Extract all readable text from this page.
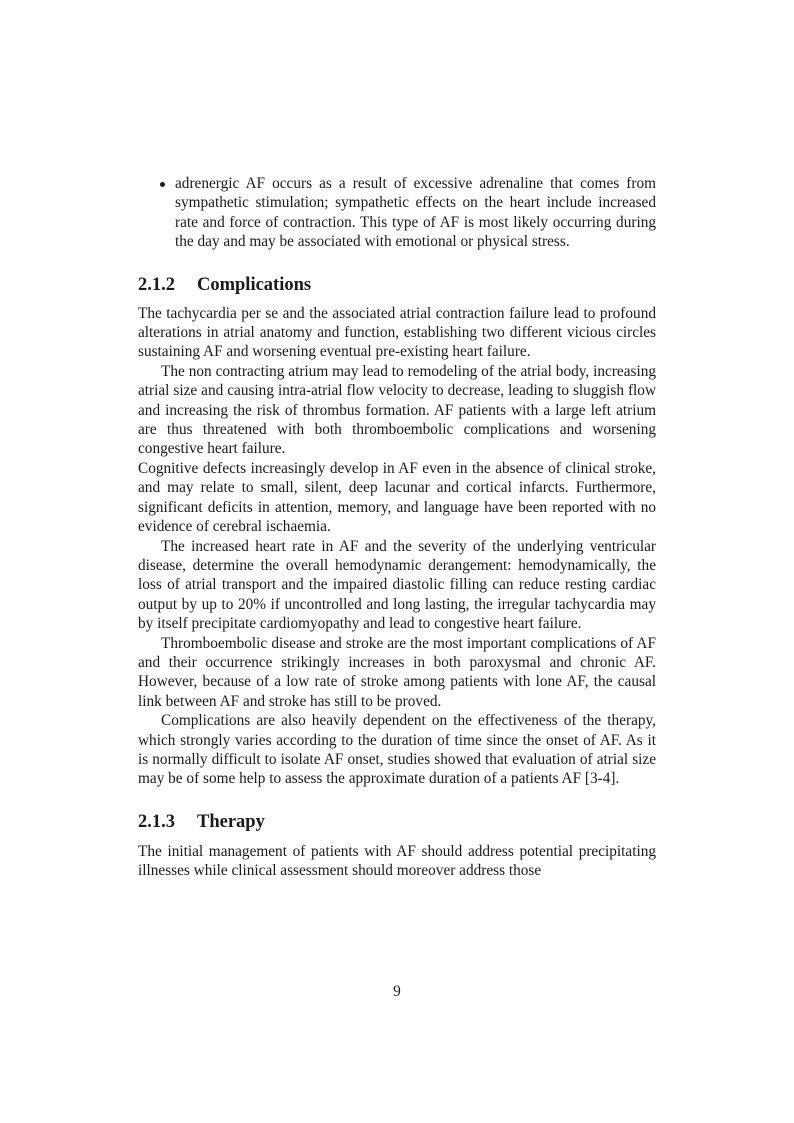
adrenergic AF occurs as a result of excessive adrenaline that comes from sympathetic stimulation; sympathetic effects on the heart include increased rate and force of contraction. This type of AF is most likely occurring during the day and may be associated with emotional or physical stress.

2.1.2 Complications

The tachycardia per se and the associated atrial contraction failure lead to profound alterations in atrial anatomy and function, establishing two different vicious circles sustaining AF and worsening eventual pre-existing heart failure.

The non contracting atrium may lead to remodeling of the atrial body, increasing atrial size and causing intra-atrial flow velocity to decrease, leading to sluggish flow and increasing the risk of thrombus formation. AF patients with a large left atrium are thus threatened with both thromboembolic complications and worsening congestive heart failure.

Cognitive defects increasingly develop in AF even in the absence of clinical stroke, and may relate to small, silent, deep lacunar and cortical infarcts. Furthermore, significant deficits in attention, memory, and language have been reported with no evidence of cerebral ischaemia.

The increased heart rate in AF and the severity of the underlying ventricular disease, determine the overall hemodynamic derangement: hemodynamically, the loss of atrial transport and the impaired diastolic filling can reduce resting cardiac output by up to 20% if uncontrolled and long lasting, the irregular tachycardia may by itself precipitate cardiomyopathy and lead to congestive heart failure.

Thromboembolic disease and stroke are the most important complications of AF and their occurrence strikingly increases in both paroxysmal and chronic AF. However, because of a low rate of stroke among patients with lone AF, the causal link between AF and stroke has still to be proved.

Complications are also heavily dependent on the effectiveness of the therapy, which strongly varies according to the duration of time since the onset of AF. As it is normally difficult to isolate AF onset, studies showed that evaluation of atrial size may be of some help to assess the approximate duration of a patients AF [3-4].

2.1.3 Therapy

The initial management of patients with AF should address potential precipitating illnesses while clinical assessment should moreover address those

9
